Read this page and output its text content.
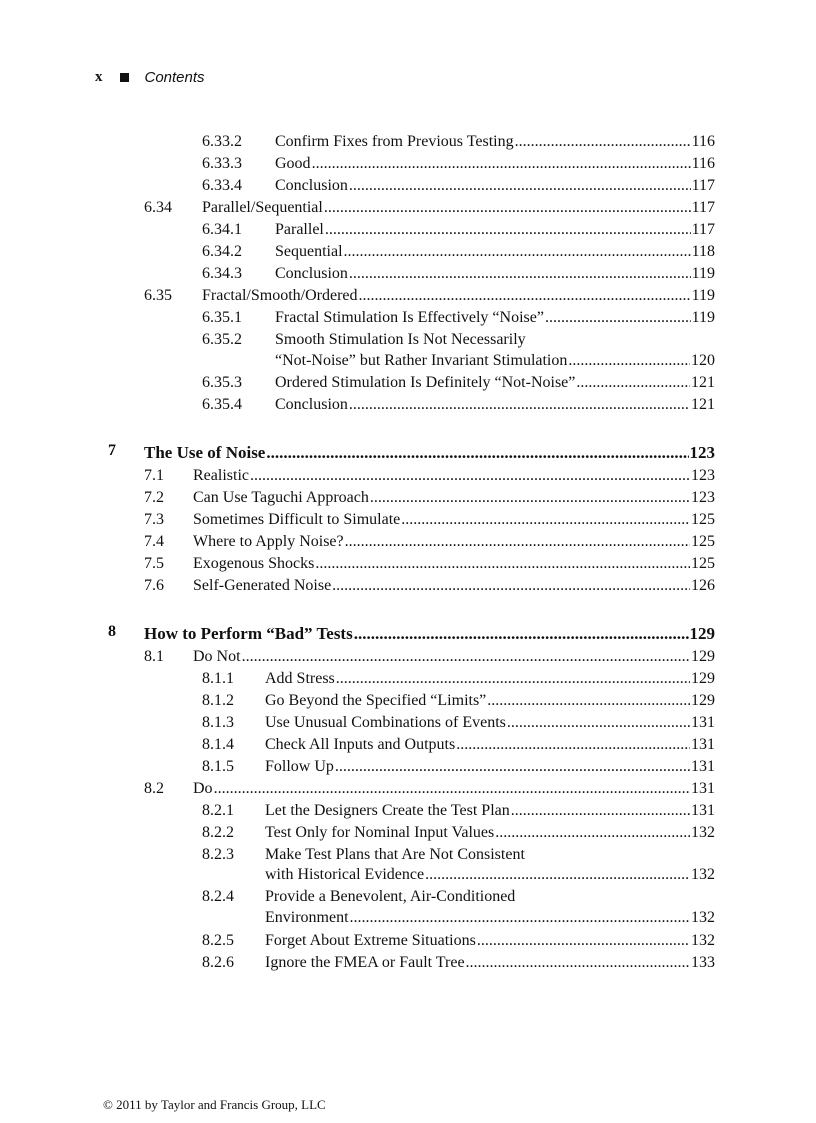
x	Contents
6.33.2 Confirm Fixes from Previous Testing .....	116
6.33.3 Good .....	116
6.33.4 Conclusion .....	117
6.34 Parallel/Sequential .....	117
6.34.1 Parallel .....	117
6.34.2 Sequential .....	118
6.34.3 Conclusion .....	119
6.35 Fractal/Smooth/Ordered .....	119
6.35.1 Fractal Stimulation Is Effectively “Noise” .....	119
6.35.2 Smooth Stimulation Is Not Necessarily
“Not-Noise” but Rather Invariant Stimulation .....	120
6.35.3 Ordered Stimulation Is Definitely “Not-Noise” .....	121
6.35.4 Conclusion .....	121
7 The Use of Noise .....	123
7.1 Realistic .....	123
7.2 Can Use Taguchi Approach .....	123
7.3 Sometimes Difficult to Simulate .....	125
7.4 Where to Apply Noise? .....	125
7.5 Exogenous Shocks .....	125
7.6 Self-Generated Noise .....	126
8 How to Perform “Bad” Tests .....	129
8.1 Do Not .....	129
8.1.1 Add Stress .....	129
8.1.2 Go Beyond the Specified “Limits” .....	129
8.1.3 Use Unusual Combinations of Events .....	131
8.1.4 Check All Inputs and Outputs .....	131
8.1.5 Follow Up .....	131
8.2 Do .....	131
8.2.1 Let the Designers Create the Test Plan .....	131
8.2.2 Test Only for Nominal Input Values .....	132
8.2.3 Make Test Plans that Are Not Consistent
with Historical Evidence .....	132
8.2.4 Provide a Benevolent, Air-Conditioned
Environment .....	132
8.2.5 Forget About Extreme Situations .....	132
8.2.6 Ignore the FMEA or Fault Tree .....	133
© 2011 by Taylor and Francis Group, LLC
